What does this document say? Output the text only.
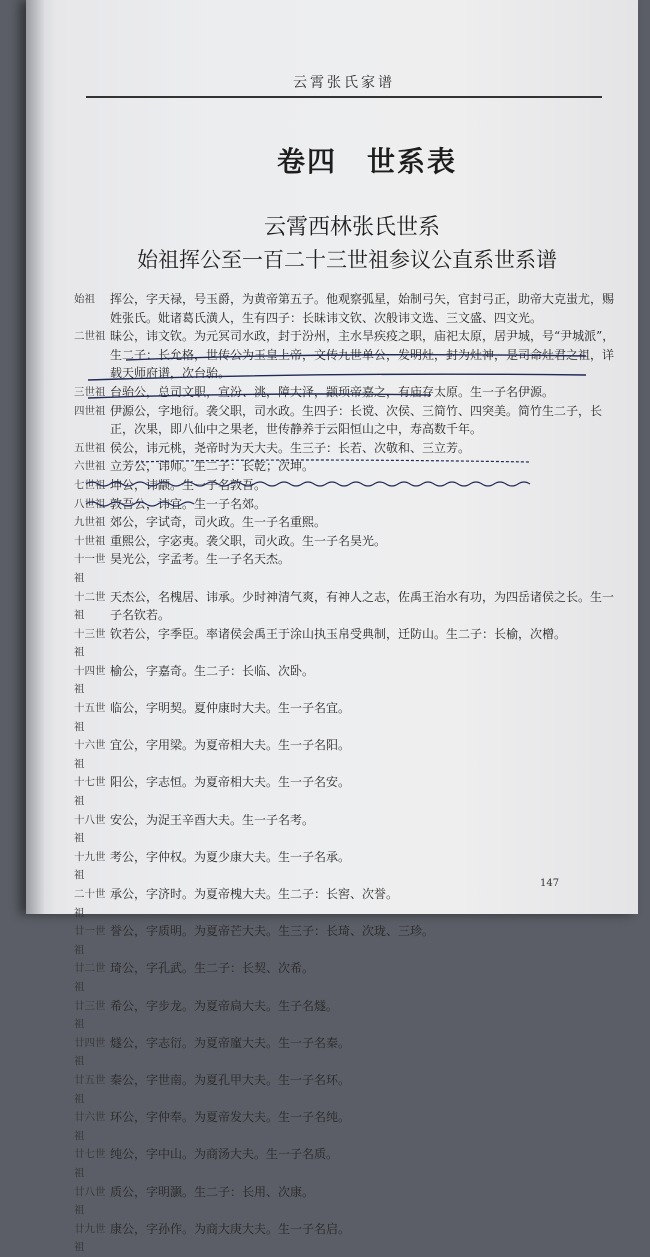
云霄张氏家谱
卷四　世系表
云霄西林张氏世系
始祖挥公至一百二十三世祖参议公直系世系谱
始祖	挥公，字天禄，号玉爵，为黄帝第五子。他观察弧星，始制弓矢，官封弓正，助帝大克蚩尤，赐姓张氏。妣诸葛氏潢人，生有四子：长昧讳文钦、次般讳文选、三文盛、四文光。
二世祖 昧公，讳文钦。为元冥司水政，封于汾州，主水旱疾疫之职，庙祀太原，居尹城，号“尹城派”，生二子：长允格，世传公为玉皇上帝，文传九世单公，发明灶，封为灶神，是司命灶君之祖，详载天师府谱，次台骀。
三世祖 台骀公，总司文职，宣汾、洮，障大泽，颛顼帝嘉之，有庙存太原。生一子名伊源。
四世祖 伊源公，字地衍。袭父职，司水政。生四子：长谠、次侯、三简竹、四突美。简竹生二子，长正，次果，即八仙中之果老，世传静养于云阳恒山之中，寿高数千年。
五世祖 侯公，讳元桃，尧帝时为天大夫。生三子：长若、次敬和、三立芳。
六世祖 立芳公，讳师。生二子：长乾；次坤。
七世祖 坤公，讳颛。生一子名敦吾。
八世祖 敦吾公，讳宜。生一子名郊。
九世祖 郊公，字试奇，司火政。生一子名重熙。
十世祖 重熙公，字宓夷。袭父职，司火政。生一子名昊光。
十一世祖
昊光公，字孟考。生一子名天杰。
十二世祖
天杰公，名槐居、讳承。少时神清气爽，有神人之志，佐禹王治水有功，为四岳诸侯之长。生一子名钦若。
十三世祖
钦若公，字季臣。率诸侯会禹王于涂山执玉帛受典制，迁防山。生二子：长榆，次橧。
十四世祖
榆公，字嘉奇。生二子：长临、次卧。
十五世祖
临公，字明契。夏仲康时大夫。生一子名宜。
十六世祖
宜公，字用梁。为夏帝相大夫。生一子名阳。
十七世祖
阳公，字志恒。为夏帝相大夫。生一子名安。
十八世祖
安公，为浞王辛酉大夫。生一子名考。
十九世祖
考公，字仲权。为夏少康大夫。生一子名承。
二十世祖
承公，字济时。为夏帝槐大夫。生二子：长窖、次誉。
廿一世祖
誉公，字质明。为夏帝芒大夫。生三子：长琦、次珑、三珍。
廿二世祖
琦公，字孔武。生二子：长契、次希。
廿三世祖
希公，字步龙。为夏帝扃大夫。生子名燧。
廿四世祖
燧公，字志衍。为夏帝廑大夫。生一子名秦。
廿五世祖
秦公，字世南。为夏孔甲大夫。生一子名环。
廿六世祖
环公，字仲奉。为夏帝发大夫。生一子名纯。
廿七世祖
纯公，字中山。为商汤大夫。生一子名质。
廿八世祖
质公，字明灏。生二子：长用、次康。
廿九世祖
康公，字孙作。为商大庚大夫。生一子名启。
147
